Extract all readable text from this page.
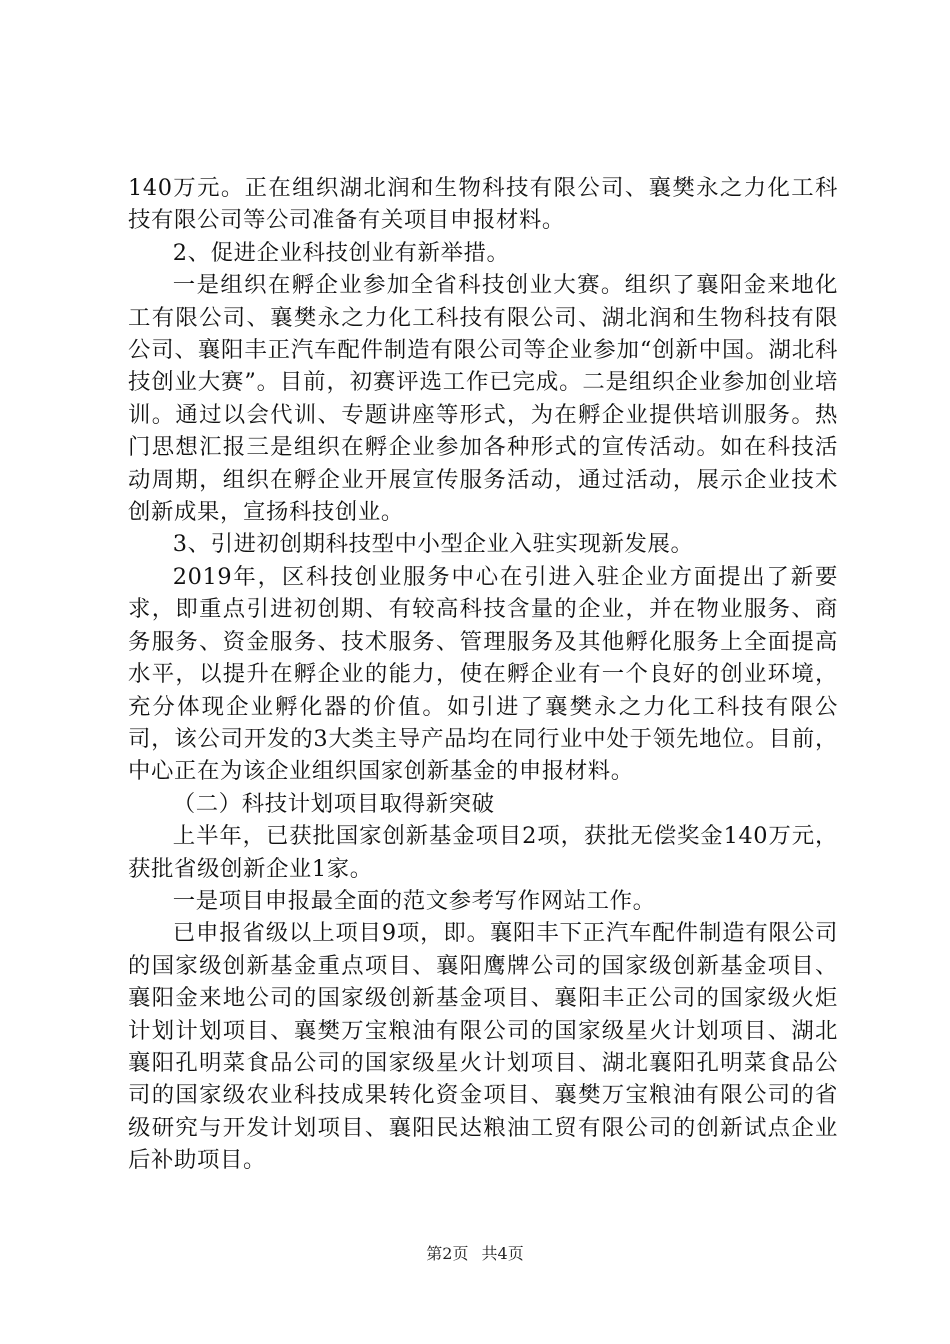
140万元。正在组织湖北润和生物科技有限公司、襄樊永之力化工科技有限公司等公司准备有关项目申报材料。

2、促进企业科技创业有新举措。

一是组织在孵企业参加全省科技创业大赛。组织了襄阳金来地化工有限公司、襄樊永之力化工科技有限公司、湖北润和生物科技有限公司、襄阳丰正汽车配件制造有限公司等企业参加“创新中国。湖北科技创业大赛”。目前，初赛评选工作已完成。二是组织企业参加创业培训。通过以会代训、专题讲座等形式，为在孵企业提供培训服务。热门思想汇报三是组织在孵企业参加各种形式的宣传活动。如在科技活动周期，组织在孵企业开展宣传服务活动，通过活动，展示企业技术创新成果，宣扬科技创业。

3、引进初创期科技型中小型企业入驻实现新发展。

2019年，区科技创业服务中心在引进入驻企业方面提出了新要求，即重点引进初创期、有较高科技含量的企业，并在物业服务、商务服务、资金服务、技术服务、管理服务及其他孵化服务上全面提高水平，以提升在孵企业的能力，使在孵企业有一个良好的创业环境，充分体现企业孵化器的价值。如引进了襄樊永之力化工科技有限公司，该公司开发的3大类主导产品均在同行业中处于领先地位。目前，中心正在为该企业组织国家创新基金的申报材料。

（二）科技计划项目取得新突破

上半年，已获批国家创新基金项目2项，获批无偿奖金140万元，获批省级创新企业1家。

一是项目申报最全面的范文参考写作网站工作。

已申报省级以上项目9项，即。襄阳丰下正汽车配件制造有限公司的国家级创新基金重点项目、襄阳鹰牌公司的国家级创新基金项目、襄阳金来地公司的国家级创新基金项目、襄阳丰正公司的国家级火炬计划计划项目、襄樊万宝粮油有限公司的国家级星火计划项目、湖北襄阳孔明菜食品公司的国家级星火计划项目、湖北襄阳孔明菜食品公司的国家级农业科技成果转化资金项目、襄樊万宝粮油有限公司的省级研究与开发计划项目、襄阳民达粮油工贸有限公司的创新试点企业后补助项目。

第2页 共4页
